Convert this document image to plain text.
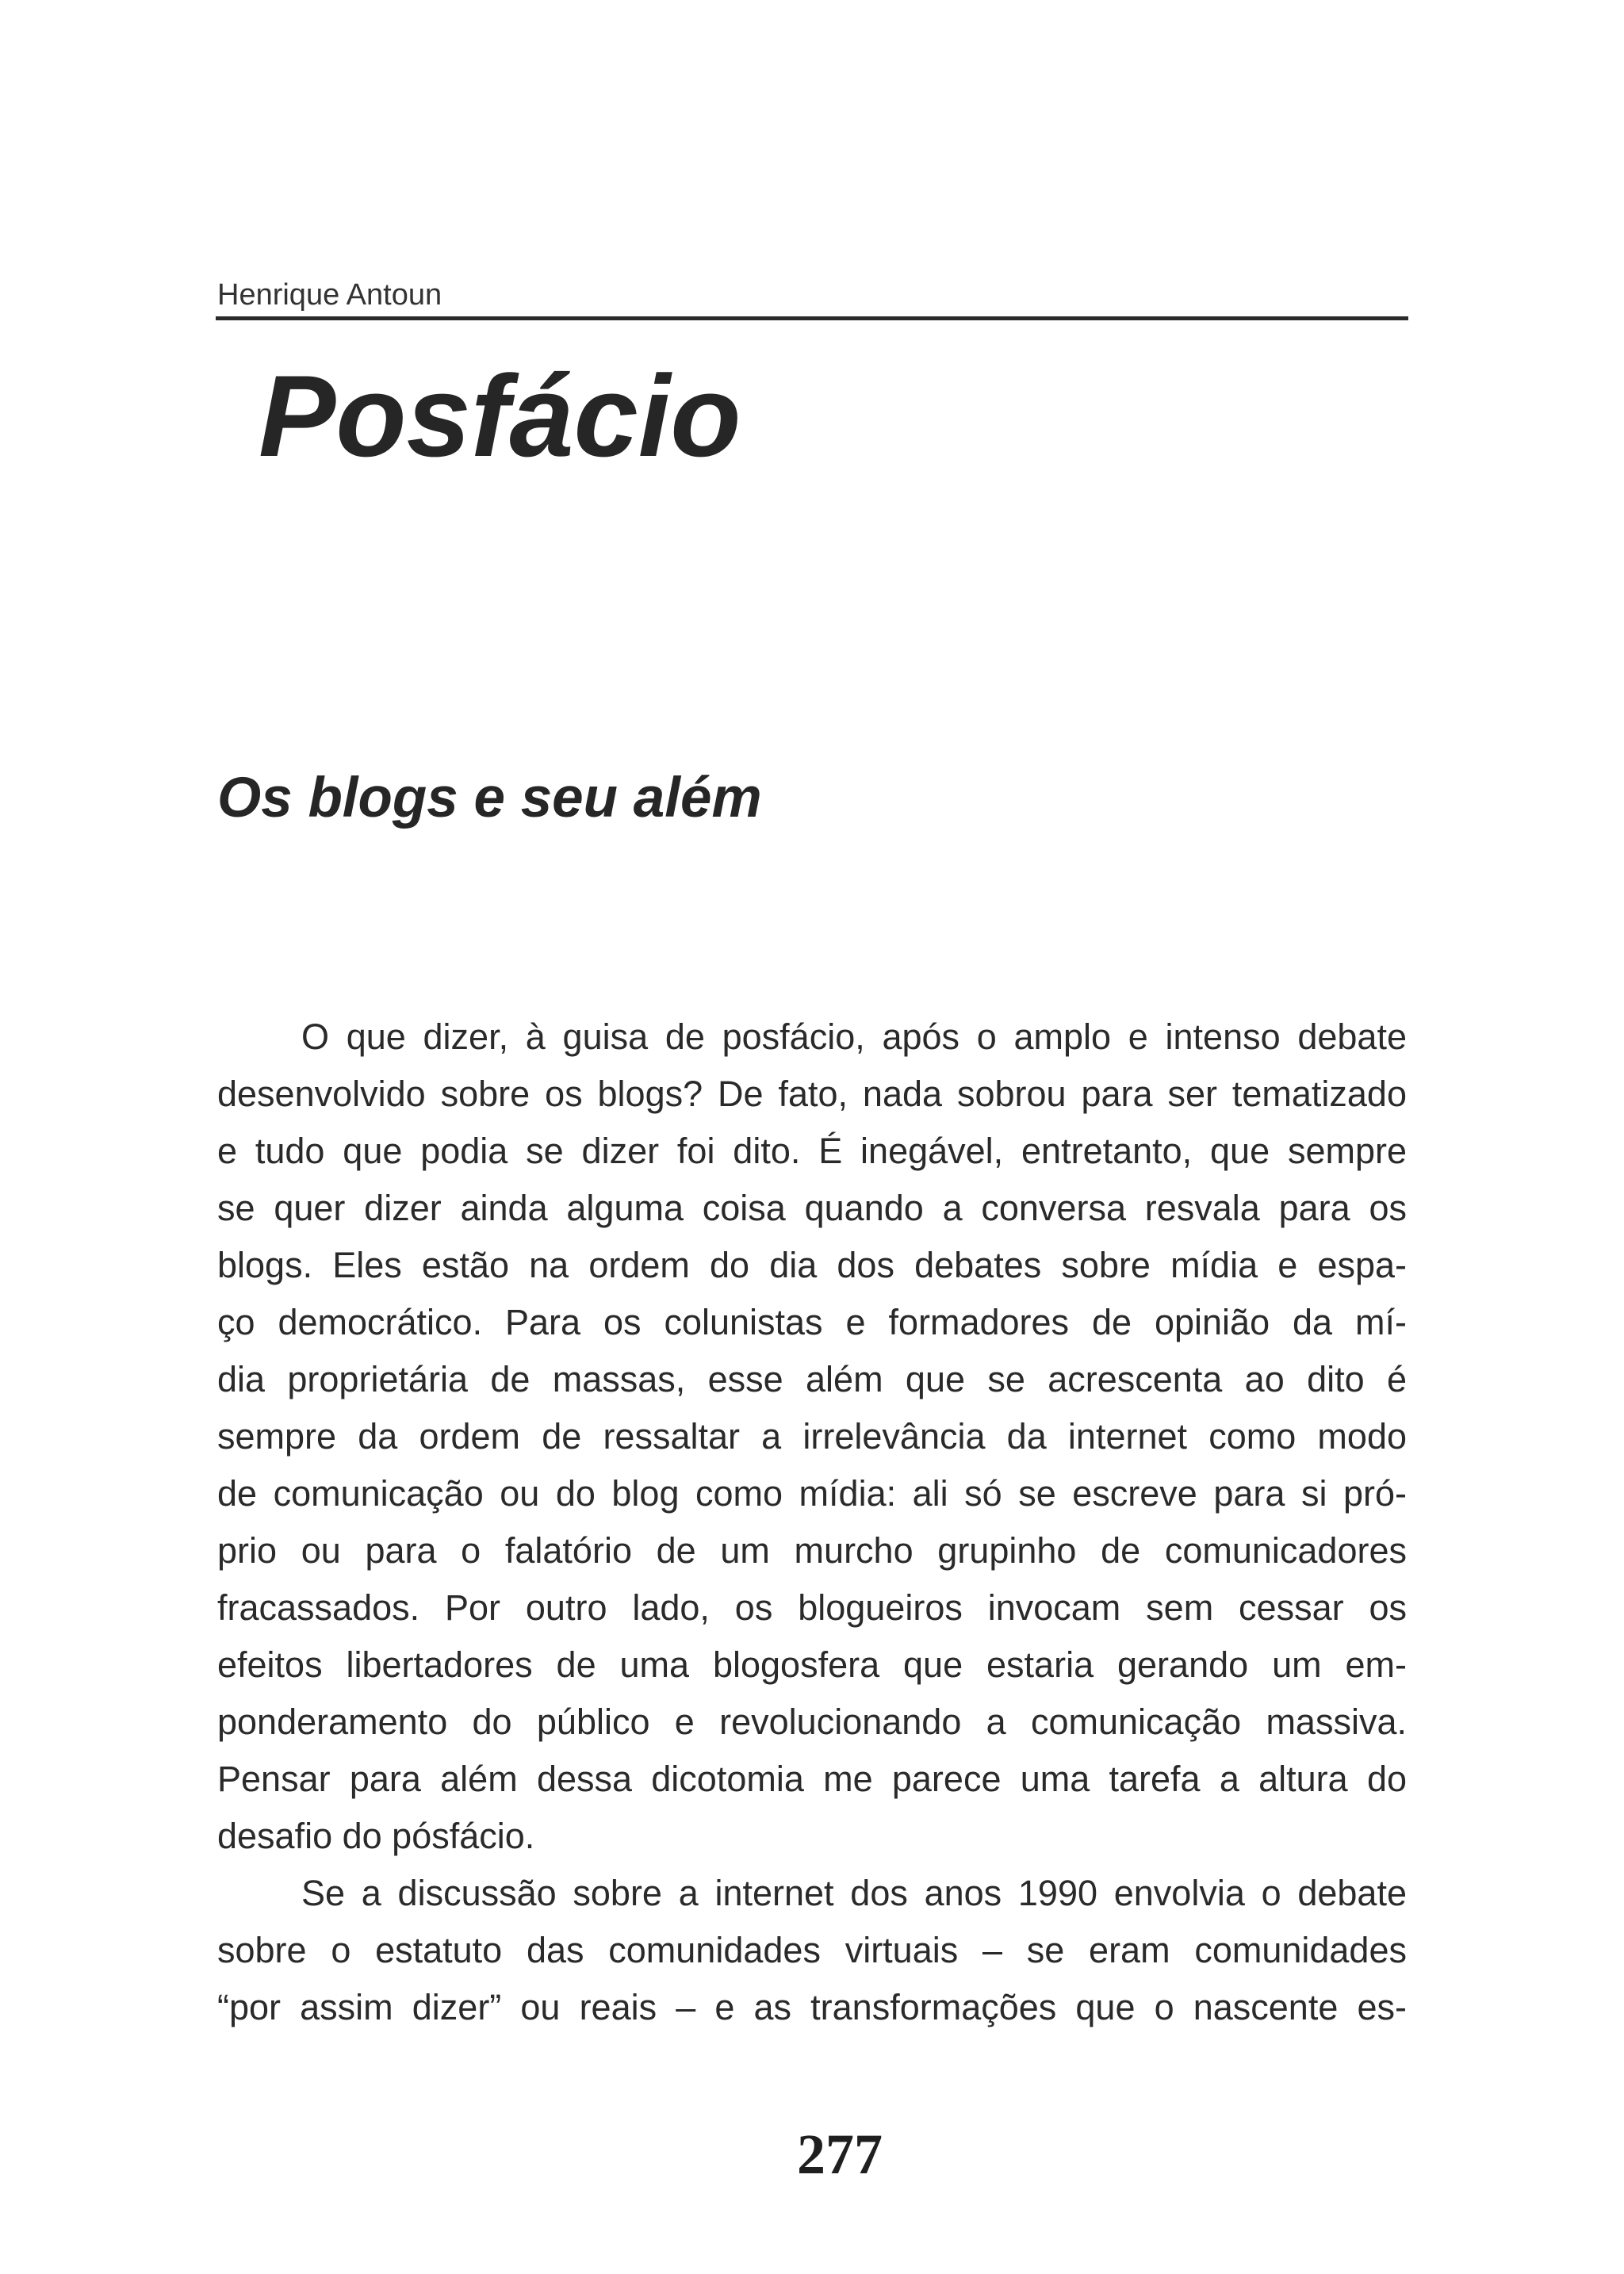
Henrique Antoun
Posfácio
Os blogs e seu além
O que dizer, à guisa de posfácio, após o amplo e intenso debate
desenvolvido sobre os blogs? De fato, nada sobrou para ser tematizado
e tudo que podia se dizer foi dito. É inegável, entretanto, que sempre
se quer dizer ainda alguma coisa quando a conversa resvala para os
blogs. Eles estão na ordem do dia dos debates sobre mídia e espa-
ço democrático. Para os colunistas e formadores de opinião da mí-
dia proprietária de massas, esse além que se acrescenta ao dito é
sempre da ordem de ressaltar a irrelevância da internet como modo
de comunicação ou do blog como mídia: ali só se escreve para si pró-
prio ou para o falatório de um murcho grupinho de comunicadores
fracassados. Por outro lado, os blogueiros invocam sem cessar os
efeitos libertadores de uma blogosfera que estaria gerando um em-
ponderamento do público e revolucionando a comunicação massiva.
Pensar para além dessa dicotomia me parece uma tarefa a altura do
desafio do pósfácio.
Se a discussão sobre a internet dos anos 1990 envolvia o debate
sobre o estatuto das comunidades virtuais – se eram comunidades
“por assim dizer” ou reais – e as transformações que o nascente es-
277
